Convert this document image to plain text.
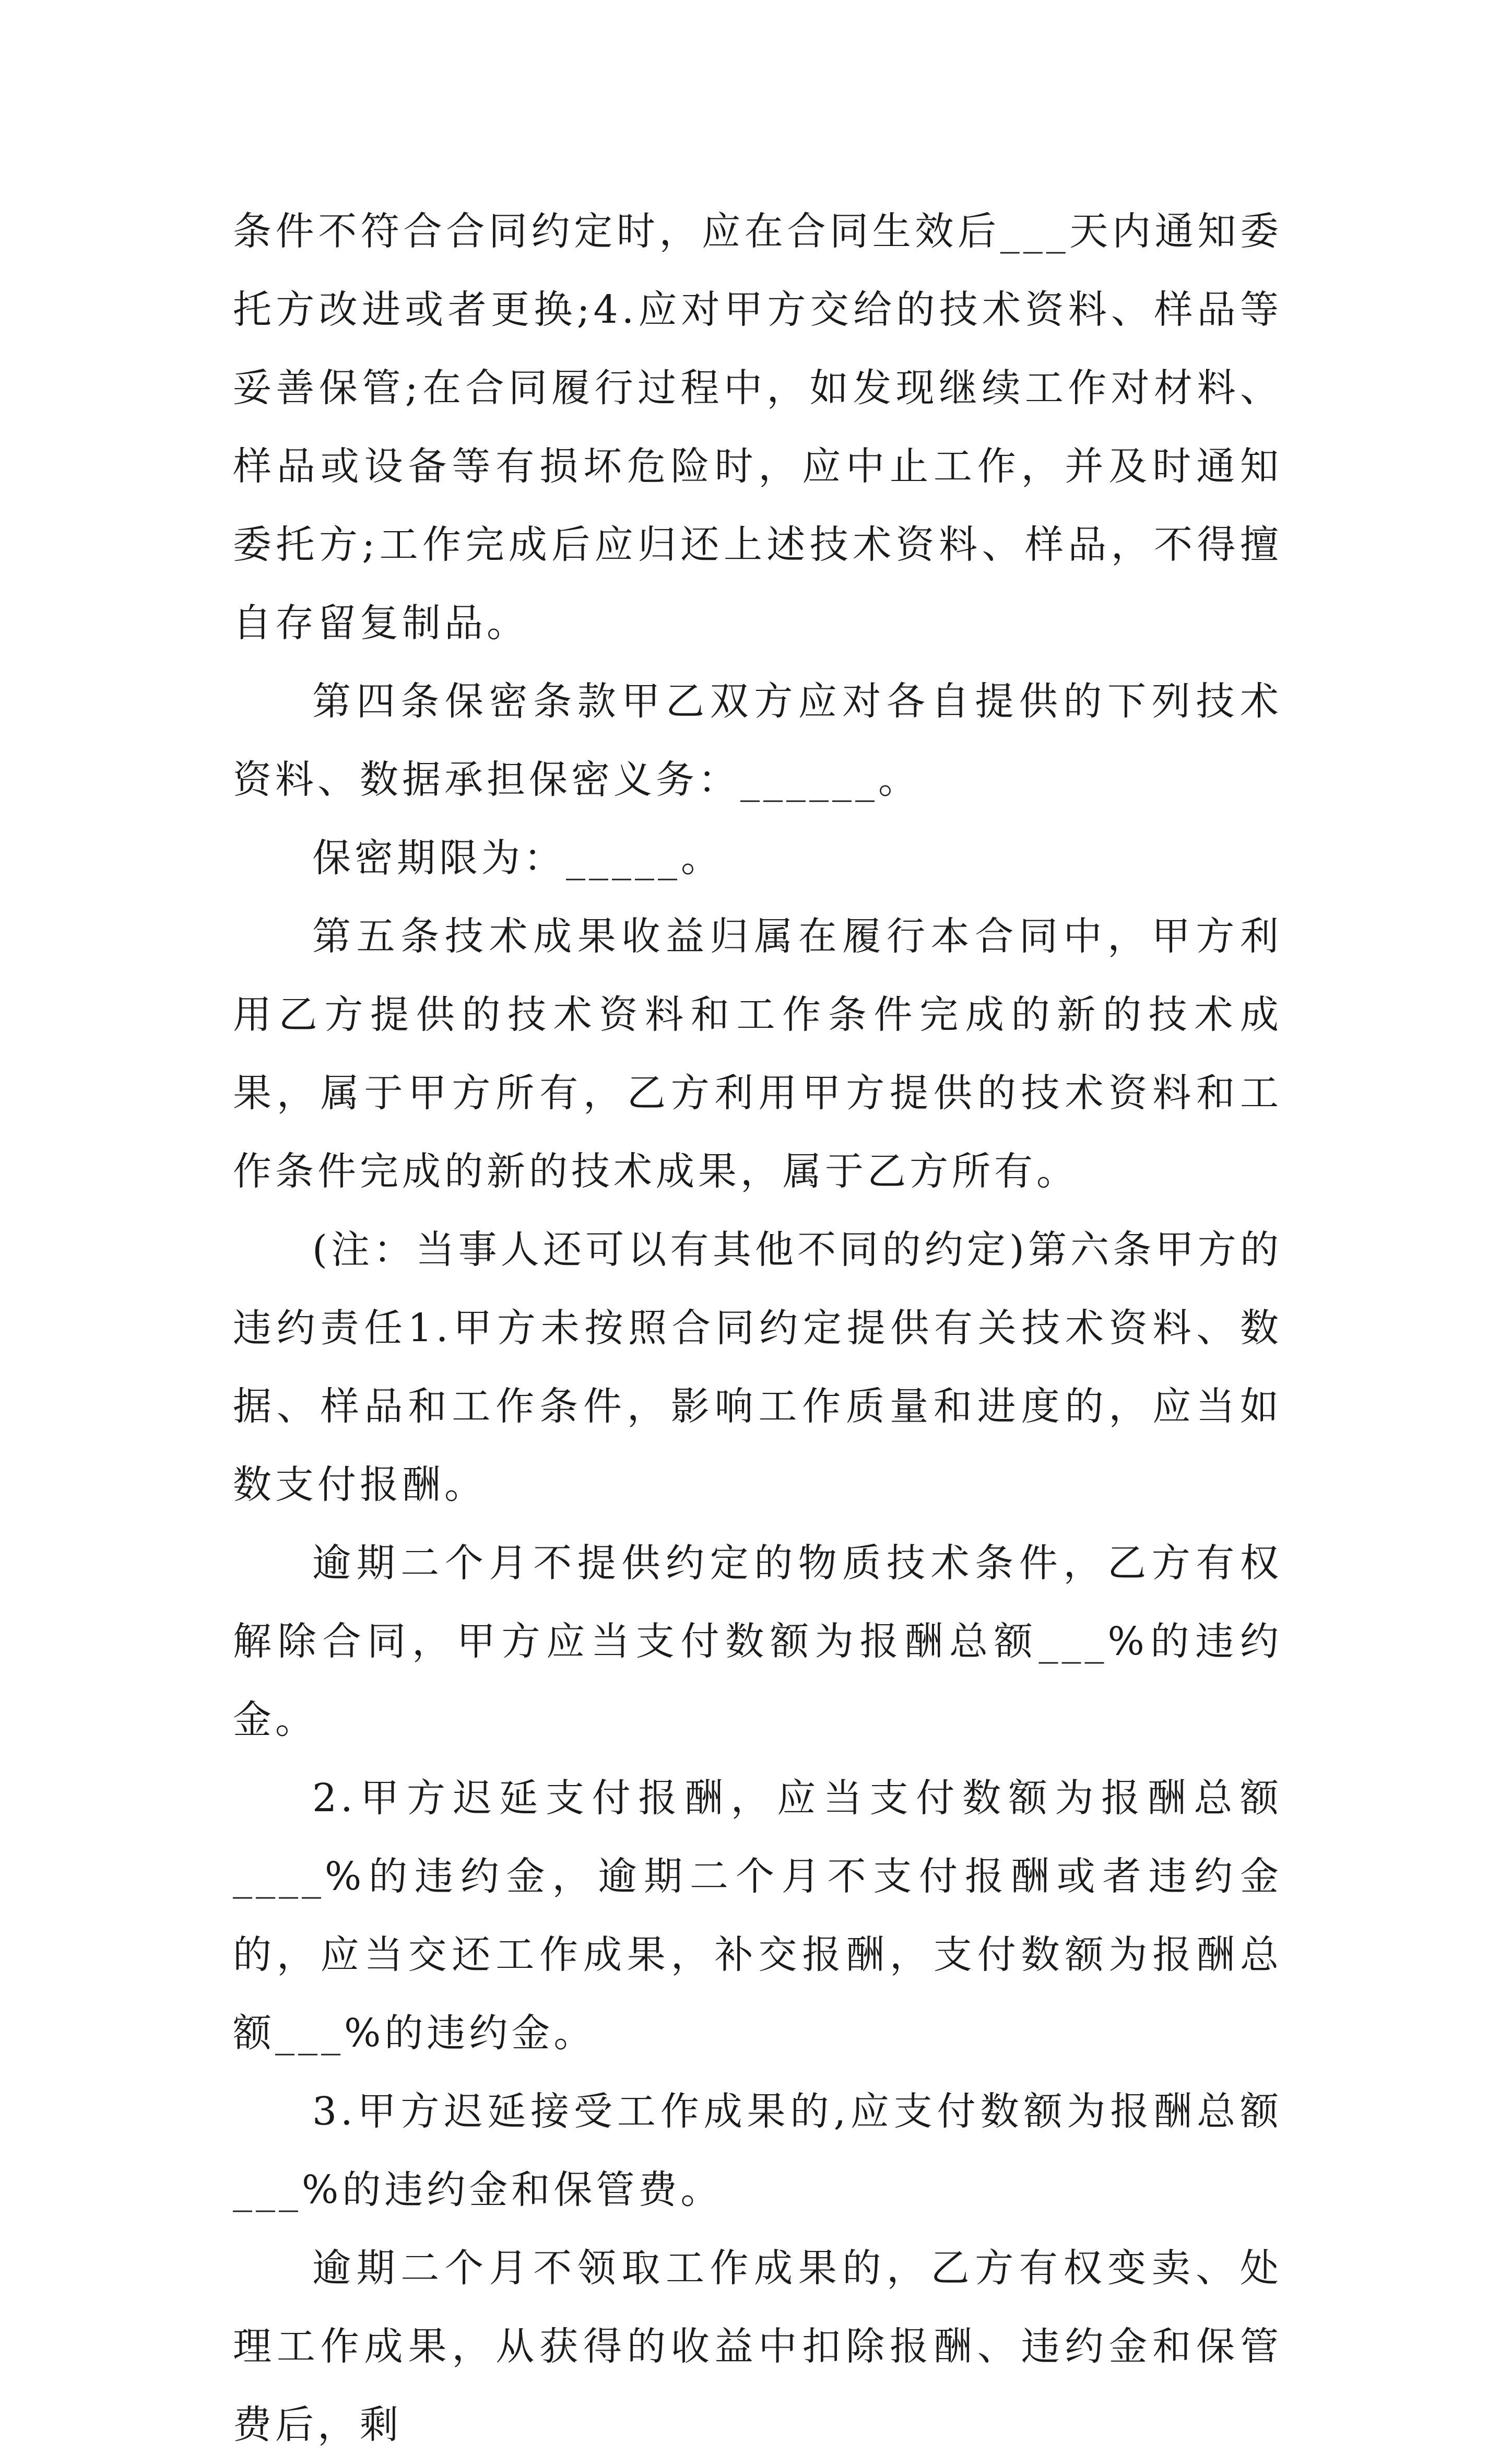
条件不符合合同约定时，应在合同生效后___天内通知委托方改进或者更换;4.应对甲方交给的技术资料、样品等妥善保管;在合同履行过程中，如发现继续工作对材料、样品或设备等有损坏危险时，应中止工作，并及时通知委托方;工作完成后应归还上述技术资料、样品，不得擅自存留复制品。

第四条保密条款甲乙双方应对各自提供的下列技术资料、数据承担保密义务：______。

保密期限为：_____。

第五条技术成果收益归属在履行本合同中，甲方利用乙方提供的技术资料和工作条件完成的新的技术成果，属于甲方所有，乙方利用甲方提供的技术资料和工作条件完成的新的技术成果，属于乙方所有。

(注：当事人还可以有其他不同的约定)第六条甲方的违约责任1.甲方未按照合同约定提供有关技术资料、数据、样品和工作条件，影响工作质量和进度的，应当如数支付报酬。

逾期二个月不提供约定的物质技术条件，乙方有权解除合同，甲方应当支付数额为报酬总额___%的违约金。

2.甲方迟延支付报酬，应当支付数额为报酬总额____%的违约金，逾期二个月不支付报酬或者违约金的，应当交还工作成果，补交报酬，支付数额为报酬总额___%的违约金。

3.甲方迟延接受工作成果的,应支付数额为报酬总额___%的违约金和保管费。

逾期二个月不领取工作成果的，乙方有权变卖、处理工作成果，从获得的收益中扣除报酬、违约金和保管费后，剩
